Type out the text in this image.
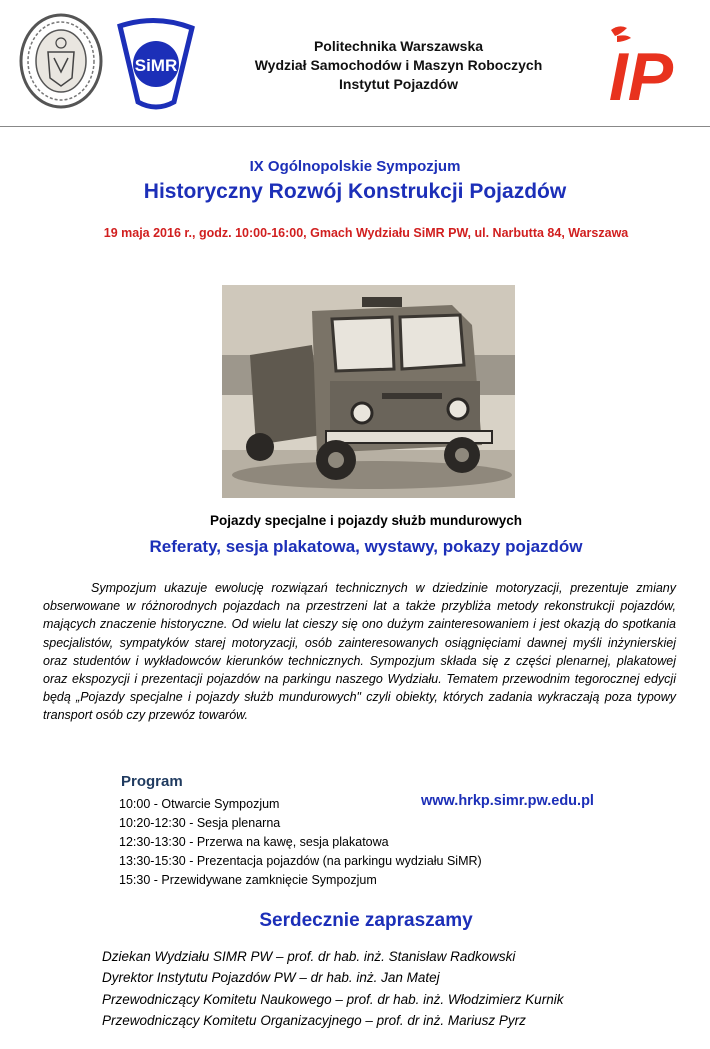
SiMR
Politechnika Warszawska
Wydział Samochodów i Maszyn Roboczych
Instytut Pojazdów	IP
IX Ogólnopolskie Sympozjum
Historyczny Rozwój Konstrukcji Pojazdów
19 maja 2016 r., godz. 10:00-16:00, Gmach Wydziału SiMR PW, ul. Narbutta 84, Warszawa
Pojazdy specjalne i pojazdy służb mundurowych
Referaty, sesja plakatowa, wystawy, pokazy pojazdów
Sympozjum ukazuje ewolucję rozwiązań technicznych w dziedzinie motoryzacji, prezentuje zmiany obserwowane w różnorodnych pojazdach na przestrzeni lat a także przybliża metody rekonstrukcji pojazdów, mających znaczenie historyczne. Od wielu lat cieszy się ono dużym zainteresowaniem i jest okazją do spotkania specjalistów, sympatyków starej motoryzacji, osób zainteresowanych osiągnięciami dawnej myśli inżynierskiej oraz studentów i wykładowców kierunków technicznych. Sympozjum składa się z części plenarnej, plakatowej oraz ekspozycji i prezentacji pojazdów na parkingu naszego Wydziału. Tematem przewodnim tegorocznej edycji będą „Pojazdy specjalne i pojazdy służb mundurowych" czyli obiekty, których zadania wykraczają poza typowy transport osób czy przewóz towarów.
Program
www.hrkp.simr.pw.edu.pl
10:00 - Otwarcie Sympozjum
10:20-12:30 - Sesja plenarna
12:30-13:30 - Przerwa na kawę, sesja plakatowa
13:30-15:30 - Prezentacja pojazdów (na parkingu wydziału SiMR)
15:30 - Przewidywane zamknięcie Sympozjum
Serdecznie zapraszamy
Dziekan Wydziału SIMR PW – prof. dr hab. inż. Stanisław Radkowski
Dyrektor Instytutu Pojazdów PW – dr hab. inż. Jan Matej
Przewodniczący Komitetu Naukowego – prof. dr hab. inż. Włodzimierz Kurnik
Przewodniczący Komitetu Organizacyjnego – prof. dr inż. Mariusz Pyrz
